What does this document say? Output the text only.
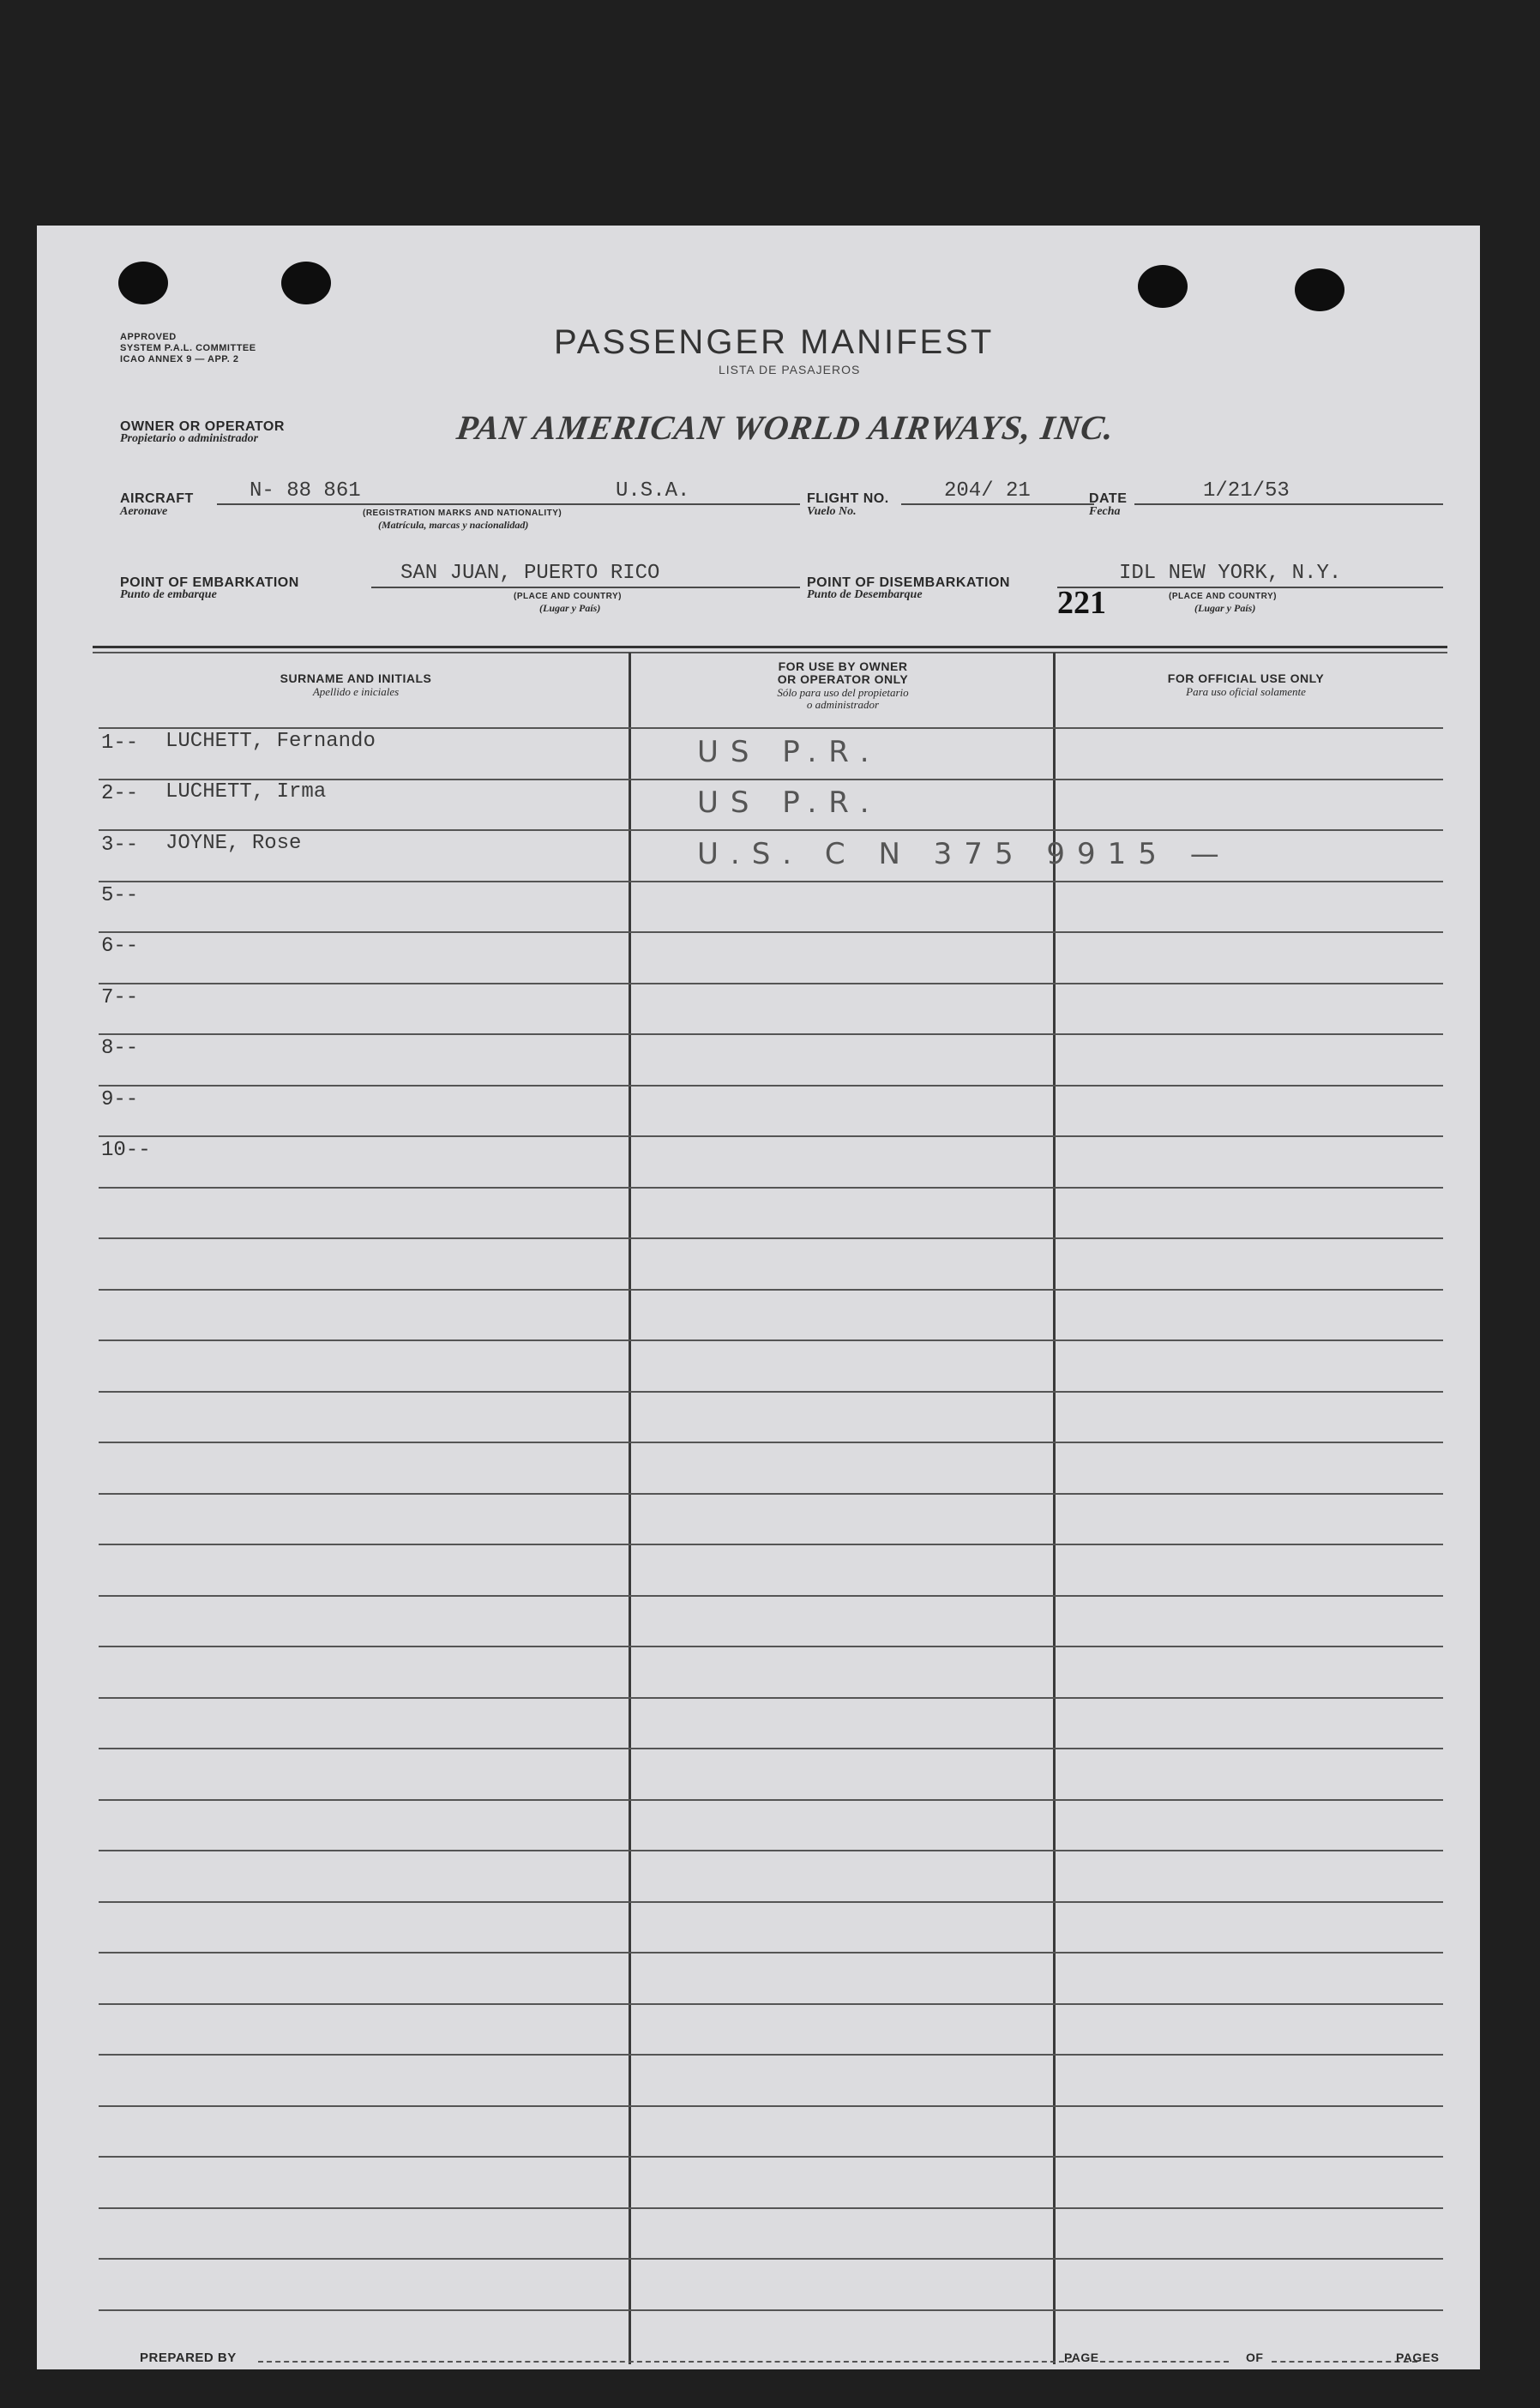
APPROVED
SYSTEM P.A.L. COMMITTEE
ICAO ANNEX 9 — APP. 2	PASSENGER MANIFEST
LISTA DE PASAJEROS
OWNER OR OPERATOR
Propietario o administrador	PAN AMERICAN WORLD AIRWAYS, INC.
AIRCRAFT
Aeronave
N- 88 861	U.S.A.
(REGISTRATION MARKS AND NATIONALITY)
(Matrícula, marcas y nacionalidad)
FLIGHT NO.
Vuelo No.
204/ 21	DATE
Fecha
1/21/53
POINT OF EMBARKATION
Punto de embarque
SAN JUAN, PUERTO RICO
(PLACE AND COUNTRY)
(Lugar y País)
POINT OF DISEMBARKATION
Punto de Desembarque
IDL NEW YORK, N.Y.
(PLACE AND COUNTRY)
(Lugar y País)
221
SURNAME AND INITIALS
Apellido e iniciales
FOR USE BY OWNER
OR OPERATOR ONLY
Sólo para uso del propietario
o administrador
FOR OFFICIAL USE ONLY
Para uso oficial solamente
1-- LUCHETT, Fernando	US P.R.
2-- LUCHETT, Irma	US P.R.
3-- JOYNE, Rose	U.S. C N 375 9915 —
5--
6--
7--
8--
9--
10--
PREPARED BY	PAGE	OF	PAGES
